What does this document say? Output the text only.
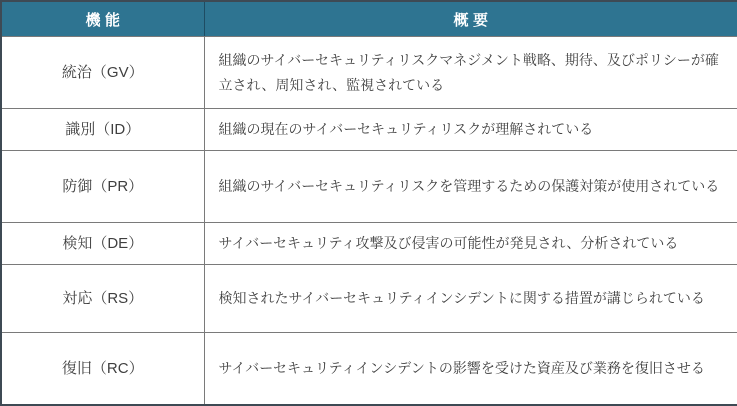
機能	概要
統治（GV）	組織のサイバーセキュリティリスクマネジメント戦略、期待、及びポリシーが確立され、周知され、監視されている
識別（ID）	組織の現在のサイバーセキュリティリスクが理解されている
防御（PR）	組織のサイバーセキュリティリスクを管理するための保護対策が使用されている
検知（DE）	サイバーセキュリティ攻撃及び侵害の可能性が発見され、分析されている
対応（RS）	検知されたサイバーセキュリティインシデントに関する措置が講じられている
復旧（RC）	サイバーセキュリティインシデントの影響を受けた資産及び業務を復旧させる
